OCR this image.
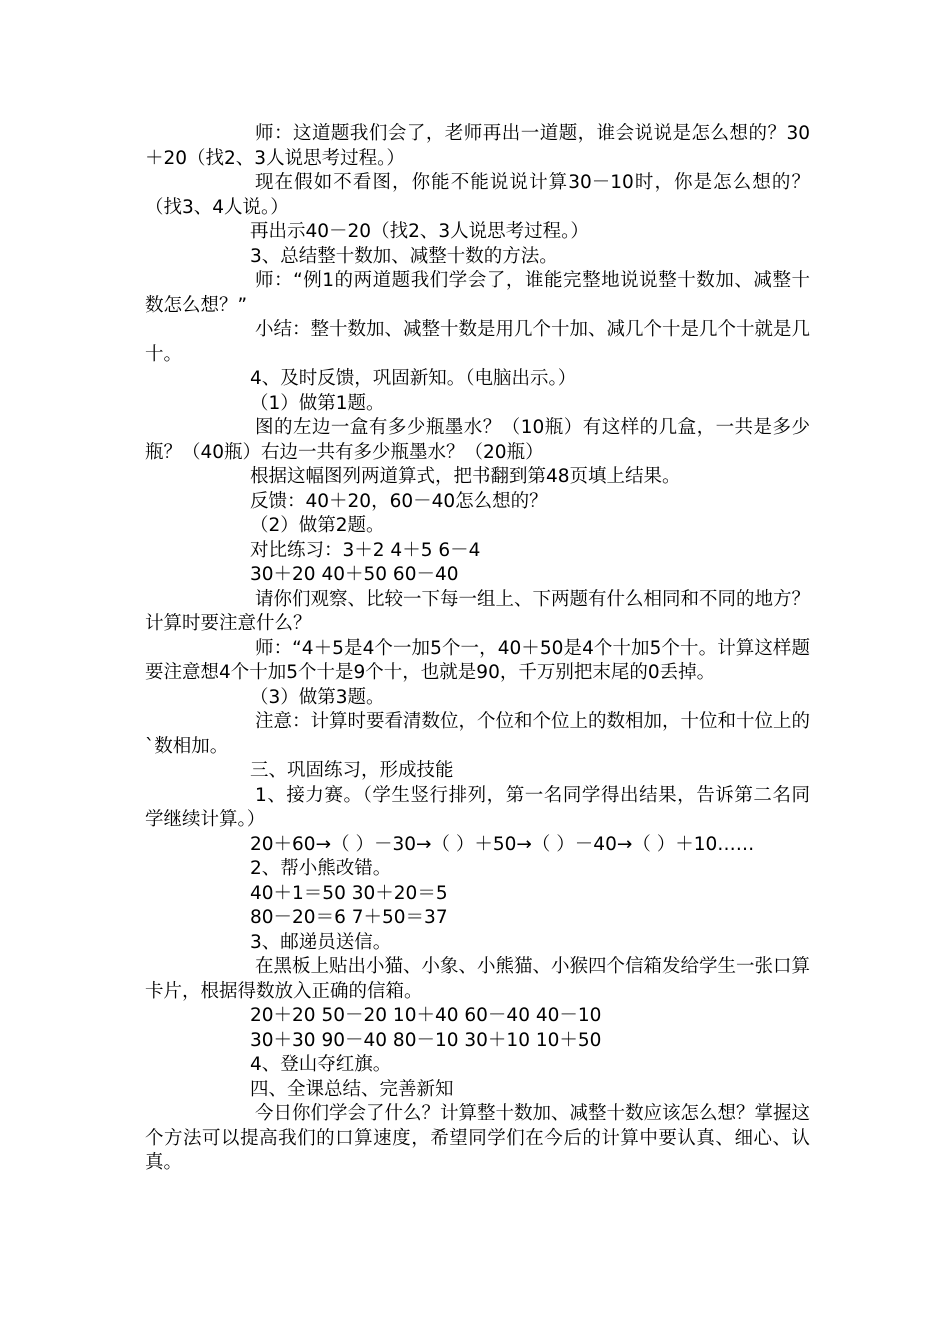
师：这道题我们会了，老师再出一道题，谁会说说是怎么想的？30＋20（找2、3人说思考过程。）

现在假如不看图，你能不能说说计算30－10时，你是怎么想的？（找3、4人说。）

再出示40－20（找2、3人说思考过程。）

3、总结整十数加、减整十数的方法。

师：“例1的两道题我们学会了，谁能完整地说说整十数加、减整十数怎么想？”

小结：整十数加、减整十数是用几个十加、减几个十是几个十就是几十。

4、及时反馈，巩固新知。（电脑出示。）

（1）做第1题。

图的左边一盒有多少瓶墨水？（10瓶）有这样的几盒，一共是多少瓶？（40瓶）右边一共有多少瓶墨水？（20瓶）

根据这幅图列两道算式，把书翻到第48页填上结果。

反馈：40＋20，60－40怎么想的？

（2）做第2题。

对比练习：3＋2 4＋5 6－4

30＋20 40＋50 60－40

请你们观察、比较一下每一组上、下两题有什么相同和不同的地方？计算时要注意什么？

师：“4＋5是4个一加5个一，40＋50是4个十加5个十。计算这样题要注意想4个十加5个十是9个十，也就是90，千万别把末尾的0丢掉。

（3）做第3题。

注意：计算时要看清数位，个位和个位上的数相加，十位和十位上的`数相加。

三、巩固练习，形成技能

1、接力赛。（学生竖行排列，第一名同学得出结果，告诉第二名同学继续计算。）

20＋60→（ ）－30→（ ）＋50→（ ）－40→（ ）＋10……

2、帮小熊改错。

40＋1＝50 30＋20＝5

80－20＝6 7＋50＝37

3、邮递员送信。

在黑板上贴出小猫、小象、小熊猫、小猴四个信箱发给学生一张口算卡片，根据得数放入正确的信箱。

20＋20 50－20 10＋40 60－40 40－10

30＋30 90－40 80－10 30＋10 10＋50

4、登山夺红旗。

四、全课总结、完善新知

今日你们学会了什么？计算整十数加、减整十数应该怎么想？掌握这个方法可以提高我们的口算速度，希望同学们在今后的计算中要认真、细心、认真。
